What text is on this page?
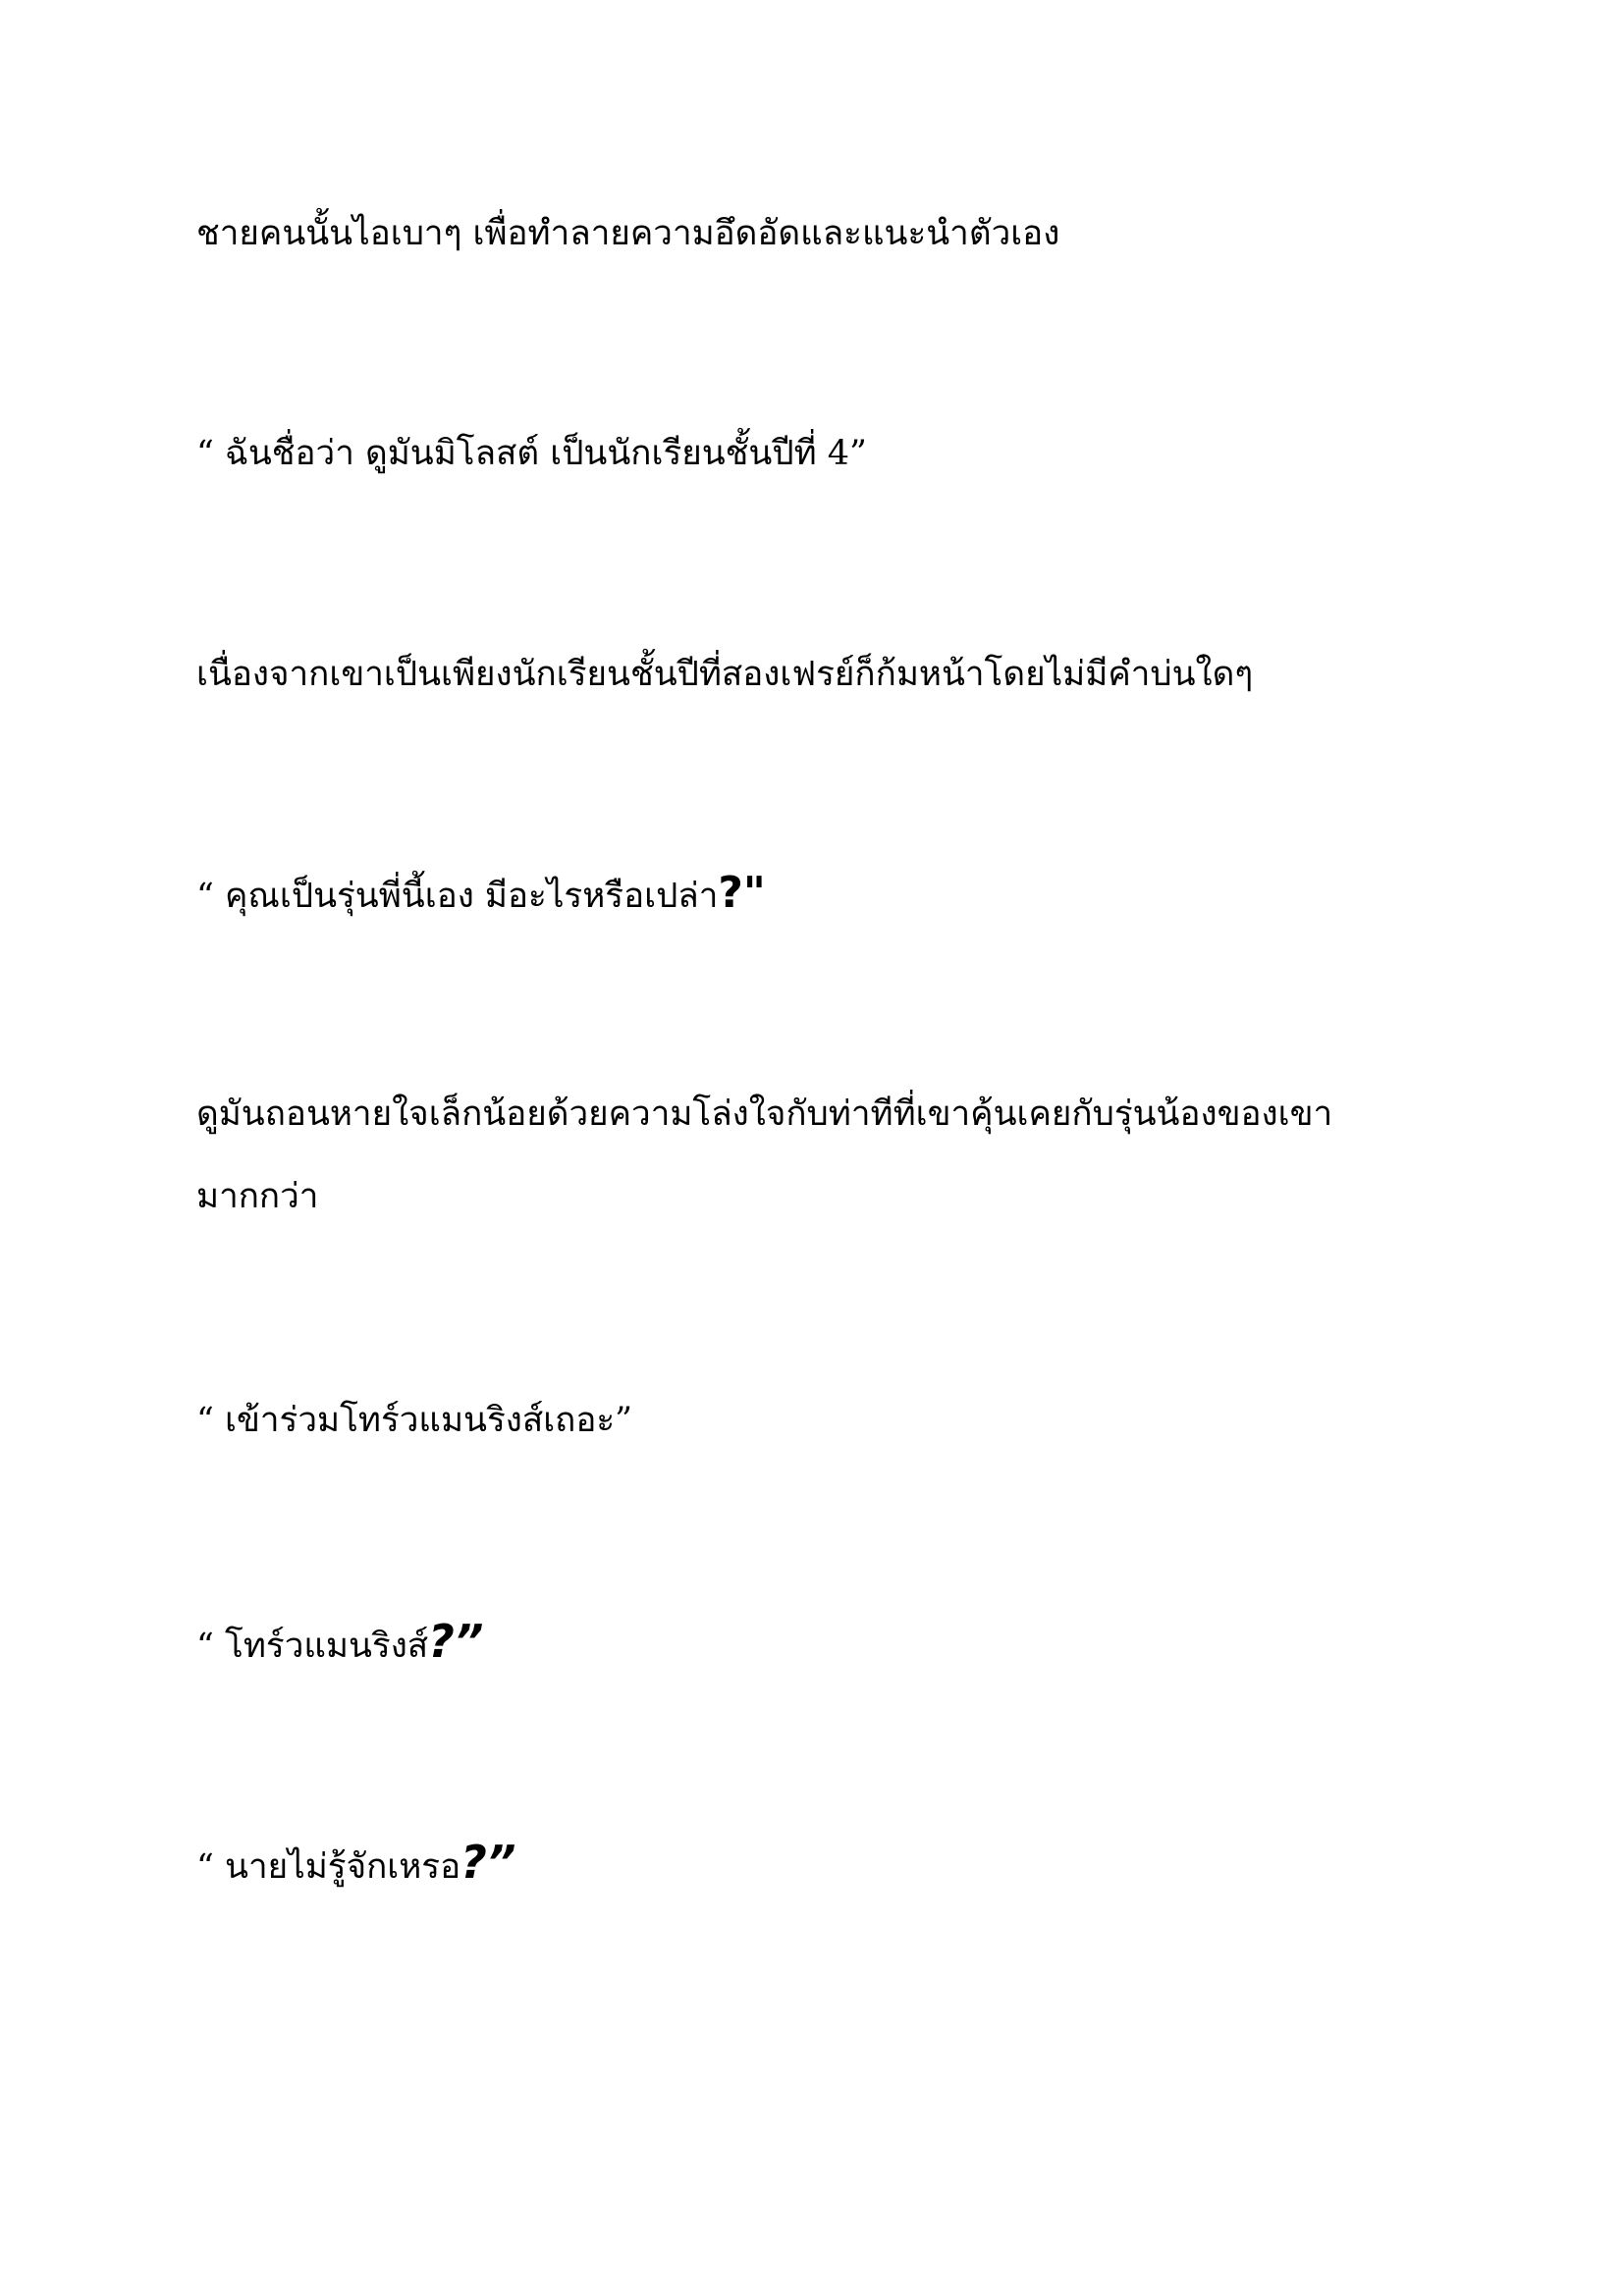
ชายคนนั้นไอเบาๆ เพื่อทำลายความอึดอัดและแนะนำตัวเอง
“ ฉันชื่อว่า ดูมันมิโลสต์ เป็นนักเรียนชั้นปีที่ 4”
เนื่องจากเขาเป็นเพียงนักเรียนชั้นปีที่สองเฟรย์ก็ก้มหน้าโดยไม่มีคำบ่นใดๆ
“ คุณเป็นรุ่นพี่นี้เอง มีอะไรหรือเปล่า?"
ดูมันถอนหายใจเล็กน้อยด้วยความโล่งใจกับท่าทีที่เขาคุ้นเคยกับรุ่นน้องของเขามากกว่า
“ เข้าร่วมโทร์วแมนริงส์เถอะ”
“ โทร์วแมนริงส์?”
“ นายไม่รู้จักเหรอ?”
